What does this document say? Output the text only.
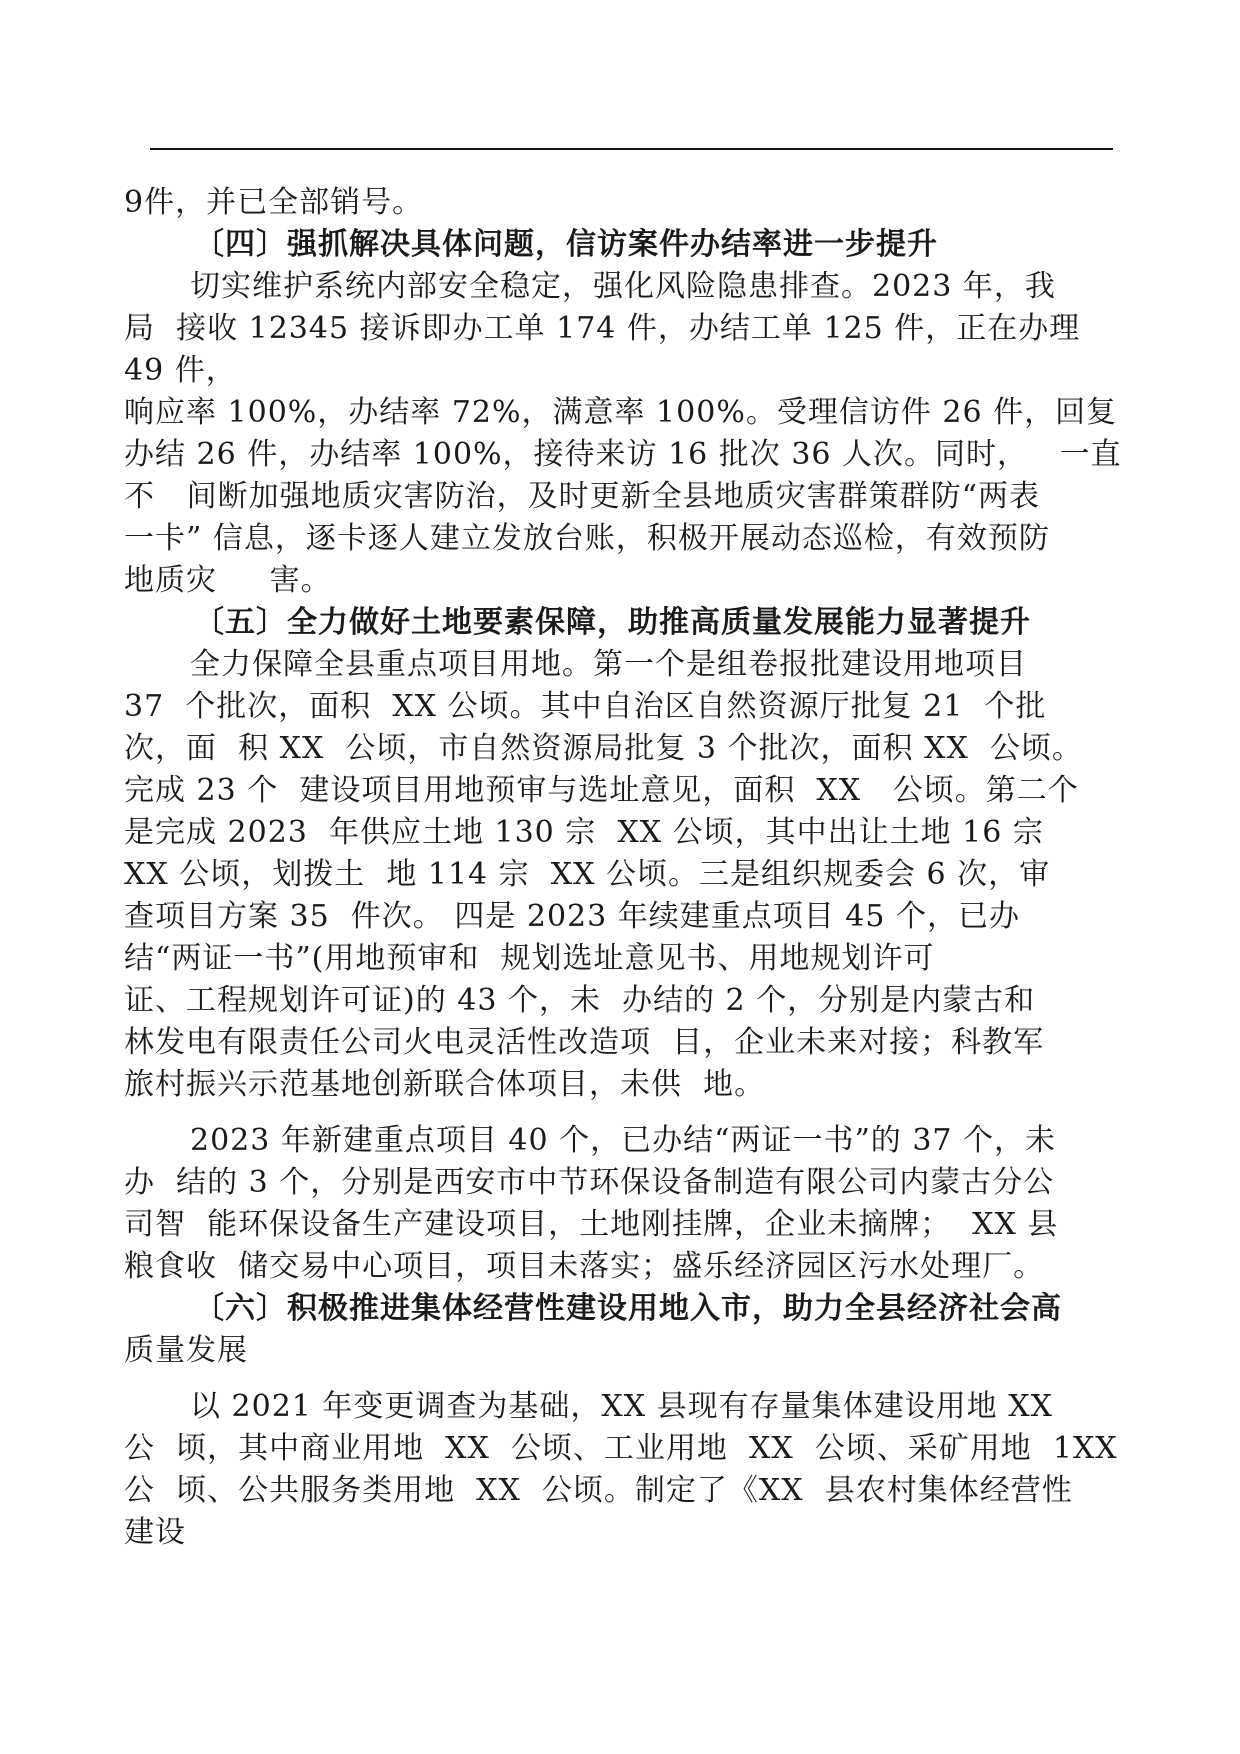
9件，并已全部销号。
〔四〕强抓解决具体问题，信访案件办结率进一步提升
切实维护系统内部安全稳定，强化风险隐患排查。2023 年，我
局  接收 12345 接诉即办工单 174 件，办结工单 125 件，正在办理
49 件，
响应率 100%，办结率 72%，满意率 100%。受理信访件 26 件，回复
办结 26 件，办结率 100%，接待来访 16 批次 36 人次。同时，   一直
不   间断加强地质灾害防治，及时更新全县地质灾害群策群防“两表
一卡” 信息，逐卡逐人建立发放台账，积极开展动态巡检，有效预防
地质灾     害。
〔五〕全力做好土地要素保障，助推高质量发展能力显著提升
全力保障全县重点项目用地。第一个是组卷报批建设用地项目
37  个批次，面积  XX 公顷。其中自治区自然资源厅批复 21  个批
次，面  积 XX  公顷，市自然资源局批复 3 个批次，面积 XX  公顷。
完成 23 个  建设项目用地预审与选址意见，面积  XX   公顷。第二个
是完成 2023  年供应土地 130 宗  XX 公顷，其中出让土地 16 宗
XX 公顷，划拨土  地 114 宗  XX 公顷。三是组织规委会 6 次，审
查项目方案 35  件次。 四是 2023 年续建重点项目 45 个，已办
结“两证一书”(用地预审和  规划选址意见书、用地规划许可
证、工程规划许可证)的 43 个，未  办结的 2 个，分别是内蒙古和
林发电有限责任公司火电灵活性改造项  目，企业未来对接；科教军
旅村振兴示范基地创新联合体项目，未供  地。
2023 年新建重点项目 40 个，已办结“两证一书”的 37 个，未
办  结的 3 个，分别是西安市中节环保设备制造有限公司内蒙古分公
司智  能环保设备生产建设项目，土地刚挂牌，企业未摘牌；  XX 县
粮食收  储交易中心项目，项目未落实；盛乐经济园区污水处理厂。
〔六〕积极推进集体经营性建设用地入市，助力全县经济社会高
质量发展
以 2021 年变更调查为基础，XX 县现有存量集体建设用地 XX
公  顷，其中商业用地  XX  公顷、工业用地  XX  公顷、采矿用地  1XX
公  顷、公共服务类用地  XX  公顷。制定了《XX  县农村集体经营性
建设
